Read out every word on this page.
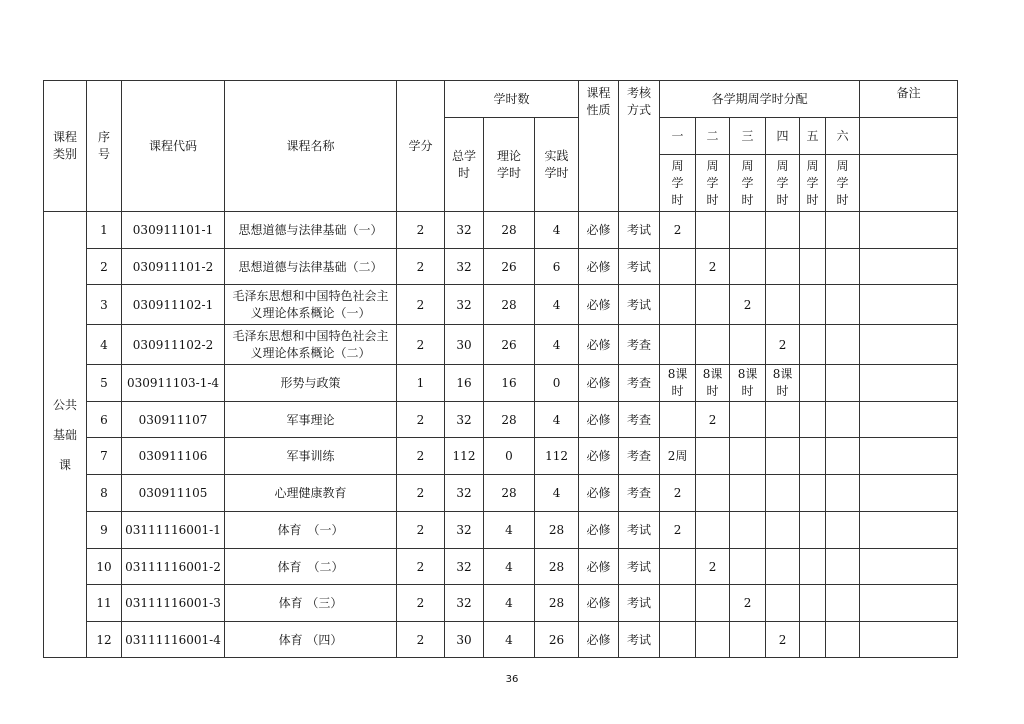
课程类别	序号	课程代码	课程名称	学分	学时数			课程性质	考核方式	各学期周学时分配						备注
					总学时	理论学时	实践学时			一	二	三	四	五	六	
										周学时	周学时	周学时	周学时	周学时	周学时	
公共基础课	1	030911101-1	思想道德与法律基础（一）	2	32	28	4	必修	考试	2						
	2	030911101-2	思想道德与法律基础（二）	2	32	26	6	必修	考试		2					
	3	030911102-1	毛泽东思想和中国特色社会主义理论体系概论（一）	2	32	28	4	必修	考试			2				
	4	030911102-2	毛泽东思想和中国特色社会主义理论体系概论（二）	2	30	26	4	必修	考查				2			
	5	030911103-1-4	形势与政策	1	16	16	0	必修	考查	8课时	8课时	8课时	8课时			
	6	030911107	军事理论	2	32	28	4	必修	考查		2					
	7	030911106	军事训练	2	112	0	112	必修	考查	2周						
	8	030911105	心理健康教育	2	32	28	4	必修	考查	2						
	9	03111116001-1	体育　（一）	2	32	4	28	必修	考试	2						
	10	03111116001-2	体育　（二）	2	32	4	28	必修	考试		2					
	11	03111116001-3	体育 （三）	2	32	4	28	必修	考试			2				
	12	03111116001-4	体育 （四）	2	30	4	26	必修	考试				2			
36
